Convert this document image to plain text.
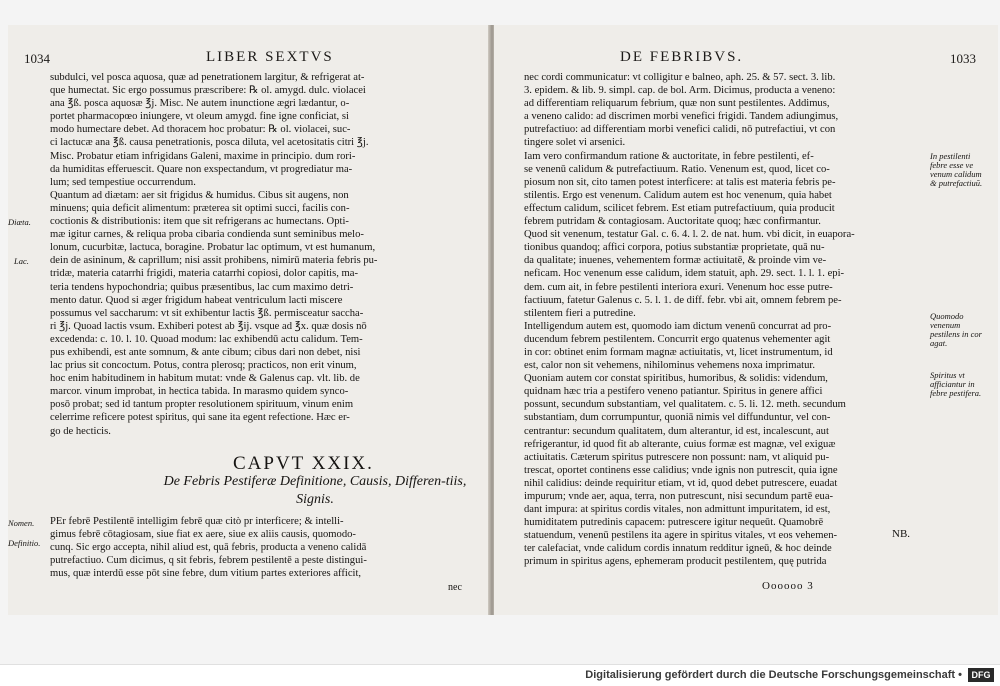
1034	LIBER SEXTVS
Diæta.
Lac.
Nomen.
Definitio.
subdulci, vel posca aquosa, quæ ad penetrationem largitur, & refrigerat at-
que humectat. Sic ergo possumus præscribere: ℞ ol. amygd. dulc. violacei
ana ℥ß. posca aquosæ ℥j. Misc. Ne autem inunctione ægri lædantur, o-
portet pharmacopœo iniungere, vt oleum amygd. fine igne conficiat, si
modo humectare debet. Ad thoracem hoc probatur: ℞ ol. violacei, suc-
ci lactucæ ana ℥ß. causa penetrationis, posca diluta, vel acetositatis citri ℥j.
Misc. Probatur etiam infrigidans Galeni, maxime in principio. dum rori-
da humiditas efferuescit. Quare non exspectandum, vt progrediatur ma-
lum; sed tempestiue occurrendum.
Quantum ad diætam: aer sit frigidus & humidus. Cibus sit augens, non
minuens; quia deficit alimentum: præterea sit optimi succi, facilis con-
coctionis & distributionis: item que sit refrigerans ac humectans. Opti-
mæ igitur carnes, & reliqua proba cibaria condienda sunt seminibus melo-
lonum, cucurbitæ, lactuca, boragine. Probatur lac optimum, vt est humanum,
dein de asininum, & caprillum; nisi assit prohibens, nimirū materia febris pu-
tridæ, materia catarrhi frigidi, materia catarrhi copiosi, dolor capitis, ma-
teria tendens hypochondria; quibus præsentibus, lac cum maximo detri-
mento datur. Quod si æger frigidum habeat ventriculum lacti miscere
possumus vel saccharum: vt sit exhibentur lactis ℥ß. permisceatur saccha-
ri ℥j. Quoad lactis vsum. Exhiberi potest ab ℥ij. vsque ad ℥x. quæ dosis nō
excedenda: c. 10. l. 10. Quoad modum: lac exhibendū actu calidum. Tem-
pus exhibendi, est ante somnum, & ante cibum; cibus dari non debet, nisi
lac prius sit concoctum. Potus, contra plerosq; practicos, non erit vinum,
hoc enim habitudinem in habitum mutat: vnde & Galenus cap. vlt. lib. de
marcor. vinum improbat, in hectica tabida. In marasmo quidem synco-
posō probat; sed id tantum propter resolutionem spirituum, vinum enim
celerrime reficere potest spiritus, qui sane ita egent refectione. Hæc er-
go de hecticis.
CAPVT XXIX.
De Febris Pestiferæ Definitione, Causis, Differen-tiis, Signis.
PEr febrē Pestilentē intelligim febrē quæ citò pr interficere; & intelli-
gimus febrē cōtagiosam, siue fiat ex aere, siue ex aliis causis, quomodo-
cunq. Sic ergo accepta, nihil aliud est, quā febris, producta a veneno calidā
putrefactiuo. Cum dicimus, q sit febris, febrem pestilentē a peste distingui-
mus, quæ interdū esse pōt sine febre, dum vitium partes exteriores afficit,
nec
DE FEBRIBVS.	1033
nec cordi communicatur: vt colligitur e balneo, aph. 25. & 57. sect. 3. lib.
3. epidem. & lib. 9. simpl. cap. de bol. Arm. Dicimus, producta a veneno:
ad differentiam reliquarum febrium, quæ non sunt pestilentes. Addimus,
a veneno calido: ad discrimen morbi venefici frigidi. Tandem adiungimus,
putrefactiuo: ad differentiam morbi venefici calidi, nō putrefactiui, vt con
tingere solet vi arsenici.
Iam vero confirmandum ratione & auctoritate, in febre pestilenti, ef-
se venenū calidum & putrefactiuum. Ratio. Venenum est, quod, licet co-
piosum non sit, cito tamen potest interficere: at talis est materia febris pe-
stilentis. Ergo est venenum. Calidum autem est hoc venenum, quia habet
effectum calidum, scilicet febrem. Est etiam putrefactiuum, quia producit
febrem putridam & contagiosam. Auctoritate quoq; hæc confirmantur.
Quod sit venenum, testatur Gal. c. 6. 4. l. 2. de nat. hum. vbi dicit, in euapora-
tionibus quandoq; affici corpora, potius substantiæ proprietate, quā nu-
da qualitate; inuenes, vehementem formæ actiuitatē, & proinde vim ve-
neficam. Hoc venenum esse calidum, idem statuit, aph. 29. sect. 1. l. 1. epi-
dem. cum ait, in febre pestilenti interiora exuri. Venenum hoc esse putre-
factiuum, fatetur Galenus c. 5. l. 1. de diff. febr. vbi ait, omnem febrem pe-
stilentem fieri a putredine.
Intelligendum autem est, quomodo iam dictum venenū concurrat ad pro-
ducendum febrem pestilentem. Concurrit ergo quatenus vehementer agit
in cor: obtinet enim formam magnæ actiuitatis, vt, licet instrumentum, id
est, calor non sit vehemens, nihilominus vehemens noxa imprimatur.
Quoniam autem cor constat spiritibus, humoribus, & solidis: videndum,
quidnam hæc tria a pestifero veneno patiantur. Spiritus in genere affici
possunt, secundum substantiam, vel qualitatem. c. 5. li. 12. meth. secundum
substantiam, dum corrumpuntur, quoniā nimis vel diffunduntur, vel con-
centrantur: secundum qualitatem, dum alterantur, id est, incalescunt, aut
refrigerantur, id quod fit ab alterante, cuius formæ est magnæ, vel exiguæ
actiuitatis. Cæterum spiritus putrescere non possunt: nam, vt aliquid pu-
trescat, oportet continens esse calidius; vnde ignis non putrescit, quia igne
nihil calidius: deinde requiritur etiam, vt id, quod debet putrescere, euadat
impurum; vnde aer, aqua, terra, non putrescunt, nisi secundum partē eua-
dant impura: at spiritus cordis vitales, non admittunt impuritatem, id est,
humiditatem putredinis capacem: putrescere igitur nequeūt. Quamobrē
statuendum, venenū pestilens ita agere in spiritus vitales, vt eos vehemen-
ter calefaciat, vnde calidum cordis innatum redditur igneū, & hoc deinde
primum in spiritus agens, ephemeram producit pestilentem, quę putrida
In pestilenti febre esse ve venum calidum & putrefactiuū.
Quomodo venenum pestilens in cor agat.
Spiritus vt afficiantur in febre pestifera.
NB.
Oooooo 3
Digitalisierung gefördert durch die Deutsche Forschungsgemeinschaft •	DFG
